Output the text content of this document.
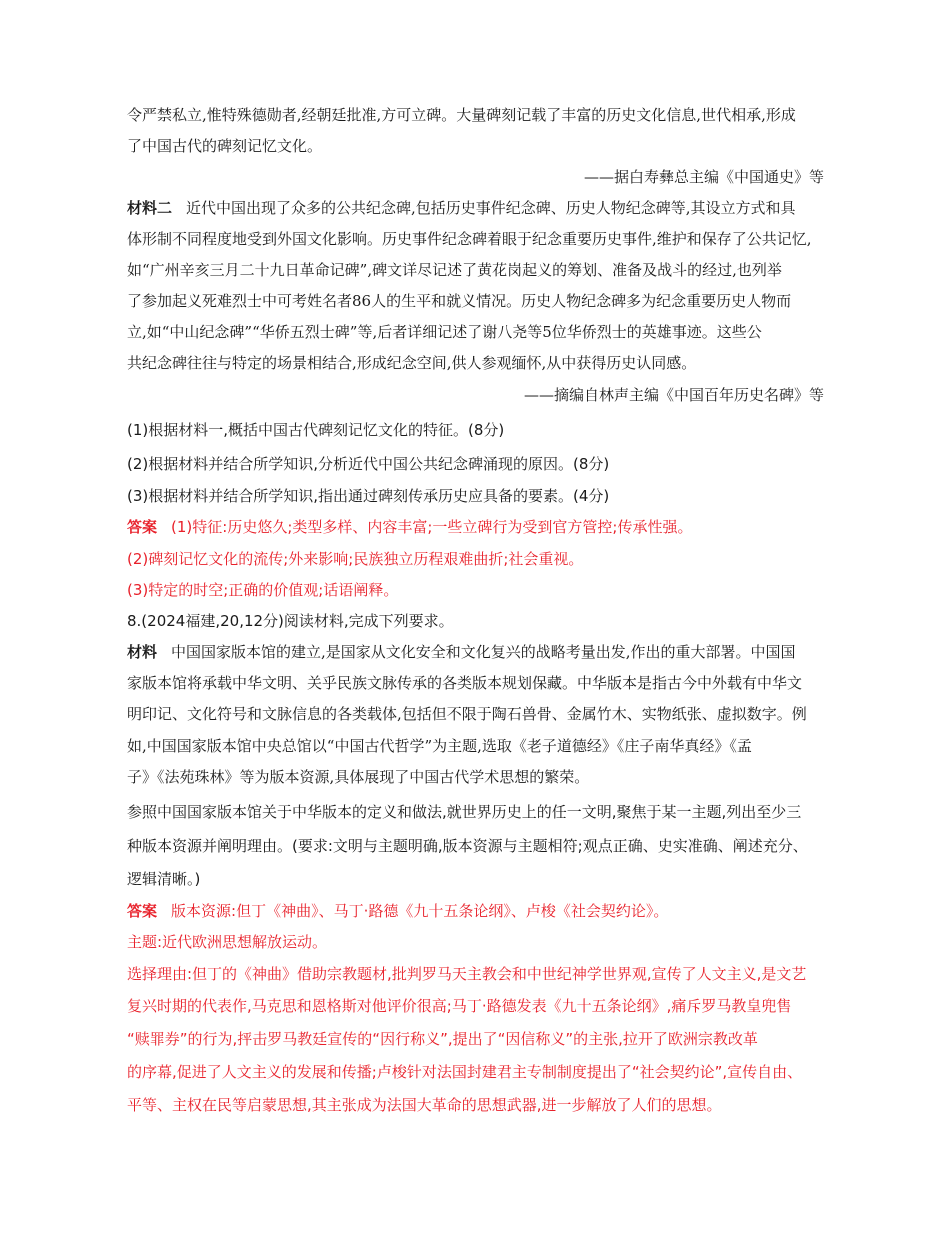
令严禁私立,惟特殊德勋者,经朝廷批准,方可立碑。大量碑刻记载了丰富的历史文化信息,世代相承,形成
了中国古代的碑刻记忆文化。
——据白寿彝总主编《中国通史》等
材料二 近代中国出现了众多的公共纪念碑,包括历史事件纪念碑、历史人物纪念碑等,其设立方式和具
体形制不同程度地受到外国文化影响。历史事件纪念碑着眼于纪念重要历史事件,维护和保存了公共记忆,
如“广州辛亥三月二十九日革命记碑”,碑文详尽记述了黄花岗起义的筹划、准备及战斗的经过,也列举
了参加起义死难烈士中可考姓名者86人的生平和就义情况。历史人物纪念碑多为纪念重要历史人物而
立,如“中山纪念碑”“华侨五烈士碑”等,后者详细记述了谢八尧等5位华侨烈士的英雄事迹。这些公
共纪念碑往往与特定的场景相结合,形成纪念空间,供人参观缅怀,从中获得历史认同感。
——摘编自林声主编《中国百年历史名碑》等
(1)根据材料一,概括中国古代碑刻记忆文化的特征。(8分)
(2)根据材料并结合所学知识,分析近代中国公共纪念碑涌现的原因。(8分)
(3)根据材料并结合所学知识,指出通过碑刻传承历史应具备的要素。(4分)
答案 (1)特征:历史悠久;类型多样、内容丰富;一些立碑行为受到官方管控;传承性强。
(2)碑刻记忆文化的流传;外来影响;民族独立历程艰难曲折;社会重视。
(3)特定的时空;正确的价值观;话语阐释。
8.(2024福建,20,12分)阅读材料,完成下列要求。
材料 中国国家版本馆的建立,是国家从文化安全和文化复兴的战略考量出发,作出的重大部署。中国国
家版本馆将承载中华文明、关乎民族文脉传承的各类版本规划保藏。中华版本是指古今中外载有中华文
明印记、文化符号和文脉信息的各类载体,包括但不限于陶石兽骨、金属竹木、实物纸张、虚拟数字。例
如,中国国家版本馆中央总馆以“中国古代哲学”为主题,选取《老子道德经》《庄子南华真经》《孟
子》《法苑珠林》等为版本资源,具体展现了中国古代学术思想的繁荣。
参照中国国家版本馆关于中华版本的定义和做法,就世界历史上的任一文明,聚焦于某一主题,列出至少三
种版本资源并阐明理由。(要求:文明与主题明确,版本资源与主题相符;观点正确、史实准确、阐述充分、
逻辑清晰。)
答案 版本资源:但丁《神曲》、马丁·路德《九十五条论纲》、卢梭《社会契约论》。
主题:近代欧洲思想解放运动。
选择理由:但丁的《神曲》借助宗教题材,批判罗马天主教会和中世纪神学世界观,宣传了人文主义,是文艺
复兴时期的代表作,马克思和恩格斯对他评价很高;马丁·路德发表《九十五条论纲》,痛斥罗马教皇兜售
“赎罪券”的行为,抨击罗马教廷宣传的“因行称义”,提出了“因信称义”的主张,拉开了欧洲宗教改革
的序幕,促进了人文主义的发展和传播;卢梭针对法国封建君主专制制度提出了“社会契约论”,宣传自由、
平等、主权在民等启蒙思想,其主张成为法国大革命的思想武器,进一步解放了人们的思想。
